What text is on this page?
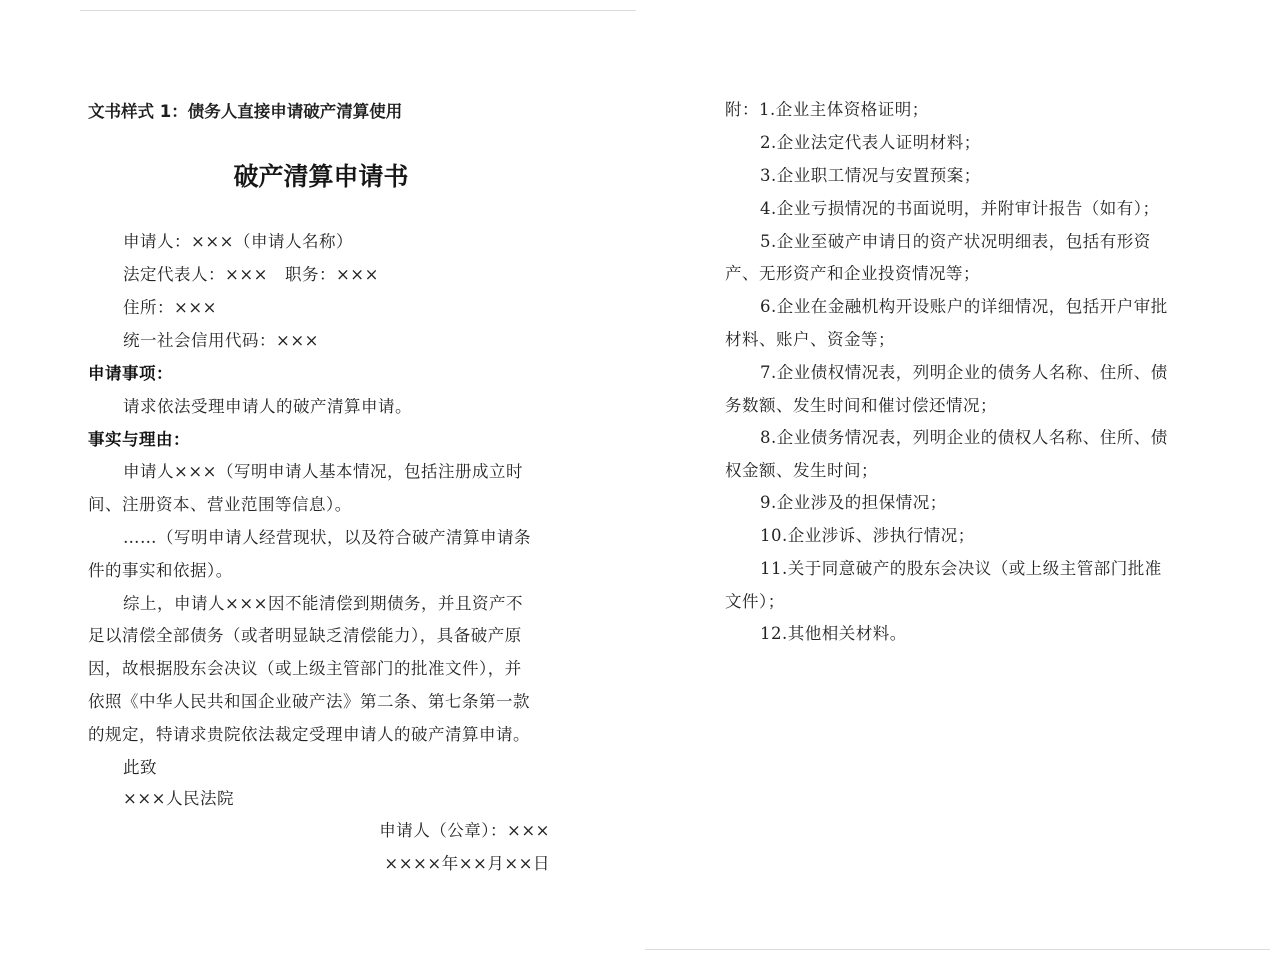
文书样式 1：债务人直接申请破产清算使用
破产清算申请书
申请人：×××（申请人名称）
法定代表人：×××　职务：×××
住所：×××
统一社会信用代码：×××
申请事项：
请求依法受理申请人的破产清算申请。
事实与理由：
申请人×××（写明申请人基本情况，包括注册成立时
间、注册资本、营业范围等信息）。
……（写明申请人经营现状，以及符合破产清算申请条
件的事实和依据）。
综上，申请人×××因不能清偿到期债务，并且资产不
足以清偿全部债务（或者明显缺乏清偿能力），具备破产原
因，故根据股东会决议（或上级主管部门的批准文件），并
依照《中华人民共和国企业破产法》第二条、第七条第一款
的规定，特请求贵院依法裁定受理申请人的破产清算申请。
此致
×××人民法院
申请人（公章）：×××
××××年××月××日
附：1.企业主体资格证明；
2.企业法定代表人证明材料；
3.企业职工情况与安置预案；
4.企业亏损情况的书面说明，并附审计报告（如有）；
5.企业至破产申请日的资产状况明细表，包括有形资
产、无形资产和企业投资情况等；
6.企业在金融机构开设账户的详细情况，包括开户审批
材料、账户、资金等；
7.企业债权情况表，列明企业的债务人名称、住所、债
务数额、发生时间和催讨偿还情况；
8.企业债务情况表，列明企业的债权人名称、住所、债
权金额、发生时间；
9.企业涉及的担保情况；
10.企业涉诉、涉执行情况；
11.关于同意破产的股东会决议（或上级主管部门批准
文件）；
12.其他相关材料。
